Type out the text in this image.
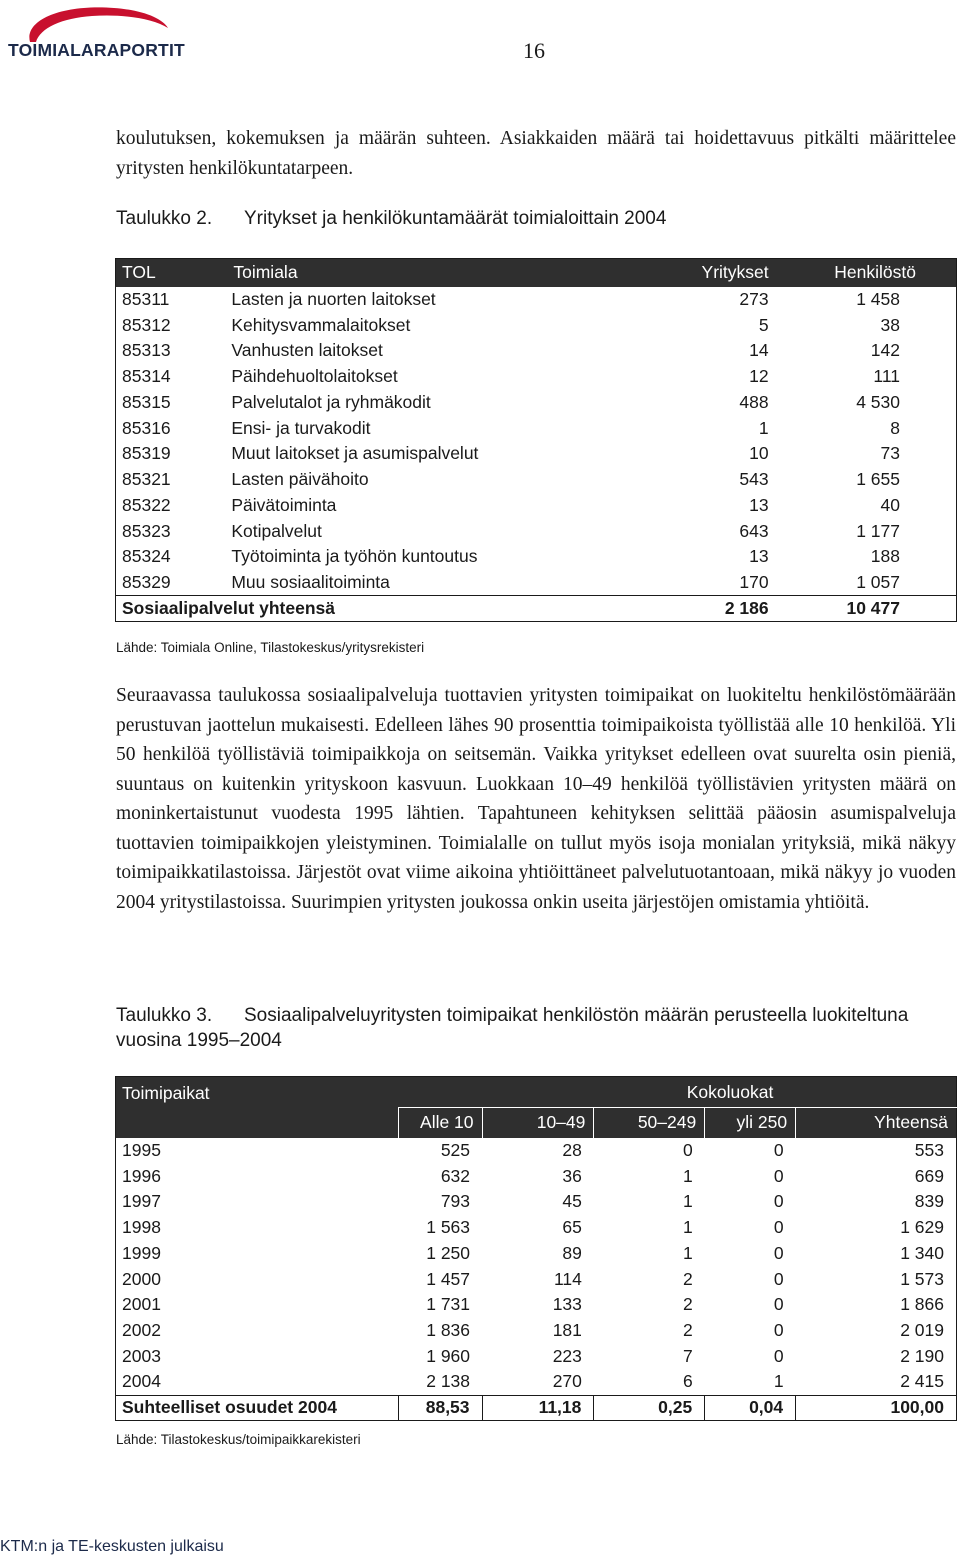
TOIMIALARAPORTIT	16

koulutuksen, kokemuksen ja määrän suhteen. Asiakkaiden määrä tai hoidettavuus pitkälti määrittelee yritysten henkilökuntatarpeen.

Taulukko 2. Yritykset ja henkilökuntamäärät toimialoittain 2004
TOL	Toimiala	Yritykset	Henkilöstö
85311	Lasten ja nuorten laitokset	273	1 458
85312	Kehitysvammalaitokset	5	38
85313	Vanhusten laitokset	14	142
85314	Päihdehuoltolaitokset	12	111
85315	Palvelutalot ja ryhmäkodit	488	4 530
85316	Ensi- ja turvakodit	1	8
85319	Muut laitokset ja asumispalvelut	10	73
85321	Lasten päivähoito	543	1 655
85322	Päivätoiminta	13	40
85323	Kotipalvelut	643	1 177
85324	Työtoiminta ja työhön kuntoutus	13	188
85329	Muu sosiaalitoiminta	170	1 057
Sosiaalipalvelut yhteensä		2 186	10 477
Lähde: Toimiala Online, Tilastokeskus/yritysrekisteri

Seuraavassa taulukossa sosiaalipalveluja tuottavien yritysten toimipaikat on luokiteltu henkilöstömäärään perustuvan jaottelun mukaisesti. Edelleen lähes 90 prosenttia toimipaikoista työllistää alle 10 henkilöä. Yli 50 henkilöä työllistäviä toimipaikkoja on seitsemän. Vaikka yritykset edelleen ovat suurelta osin pieniä, suuntaus on kuitenkin yrityskoon kasvuun. Luokkaan 10–49 henkilöä työllistävien yritysten määrä on moninkertaistunut vuodesta 1995 lähtien. Tapahtuneen kehityksen selittää pääosin asumispalveluja tuottavien toimipaikkojen yleistyminen. Toimialalle on tullut myös isoja monialan yrityksiä, mikä näkyy toimipaikkatilastoissa. Järjestöt ovat viime aikoina yhtiöittäneet palvelutuotantoaan, mikä näkyy jo vuoden 2004 yritystilastoissa. Suurimpien yritysten joukossa onkin useita järjestöjen omistamia yhtiöitä.

Taulukko 3. Sosiaalipalveluyritysten toimipaikat henkilöstön määrän perusteella luokiteltuna vuosina 1995–2004
Toimipaikat	Kokoluokat				
	Alle 10	10–49	50–249	yli 250	Yhteensä
1995	525	28	0	0	553
1996	632	36	1	0	669
1997	793	45	1	0	839
1998	1 563	65	1	0	1 629
1999	1 250	89	1	0	1 340
2000	1 457	114	2	0	1 573
2001	1 731	133	2	0	1 866
2002	1 836	181	2	0	2 019
2003	1 960	223	7	0	2 190
2004	2 138	270	6	1	2 415
Suhteelliset osuudet 2004	88,53	11,18	0,25	0,04	100,00
Lähde: Tilastokeskus/toimipaikkarekisteri
KTM:n ja TE-keskusten julkaisu
